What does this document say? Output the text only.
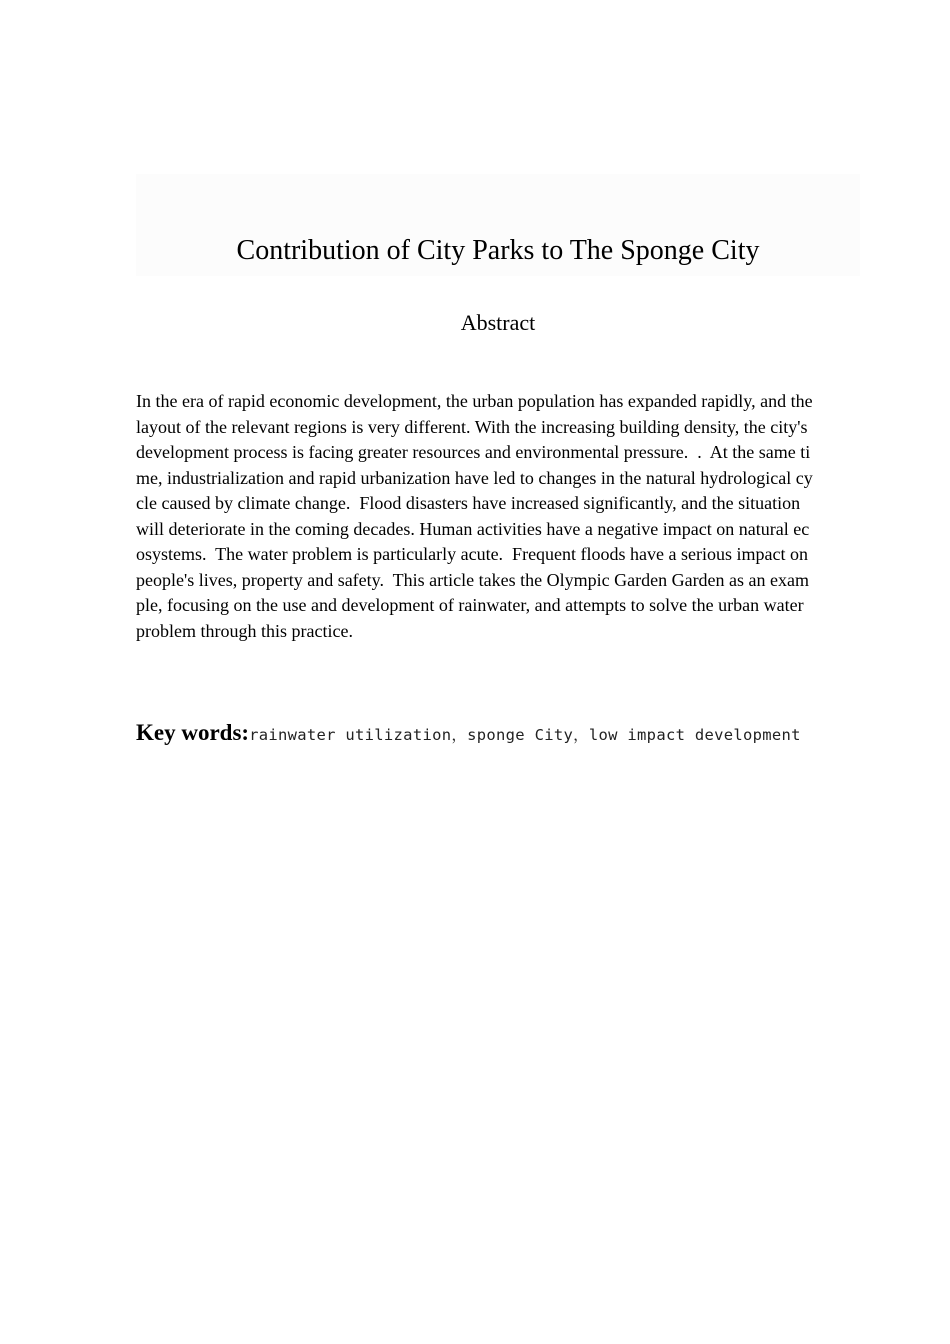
Contribution of City Parks to The Sponge City
Abstract
In the era of rapid economic development, the urban population has expanded rapidly, and the
layout of the relevant regions is very different. With the increasing building density, the city's
development process is facing greater resources and environmental pressure.  .  At the same ti
me, industrialization and rapid urbanization have led to changes in the natural hydrological cy
cle caused by climate change.  Flood disasters have increased significantly, and the situation
will deteriorate in the coming decades. Human activities have a negative impact on natural ec
osystems.  The water problem is particularly acute.  Frequent floods have a serious impact on
people's lives, property and safety.  This article takes the Olympic Garden Garden as an exam
ple, focusing on the use and development of rainwater, and attempts to solve the urban water
problem through this practice.
Key words:rainwater utilization，sponge City，low impact development
